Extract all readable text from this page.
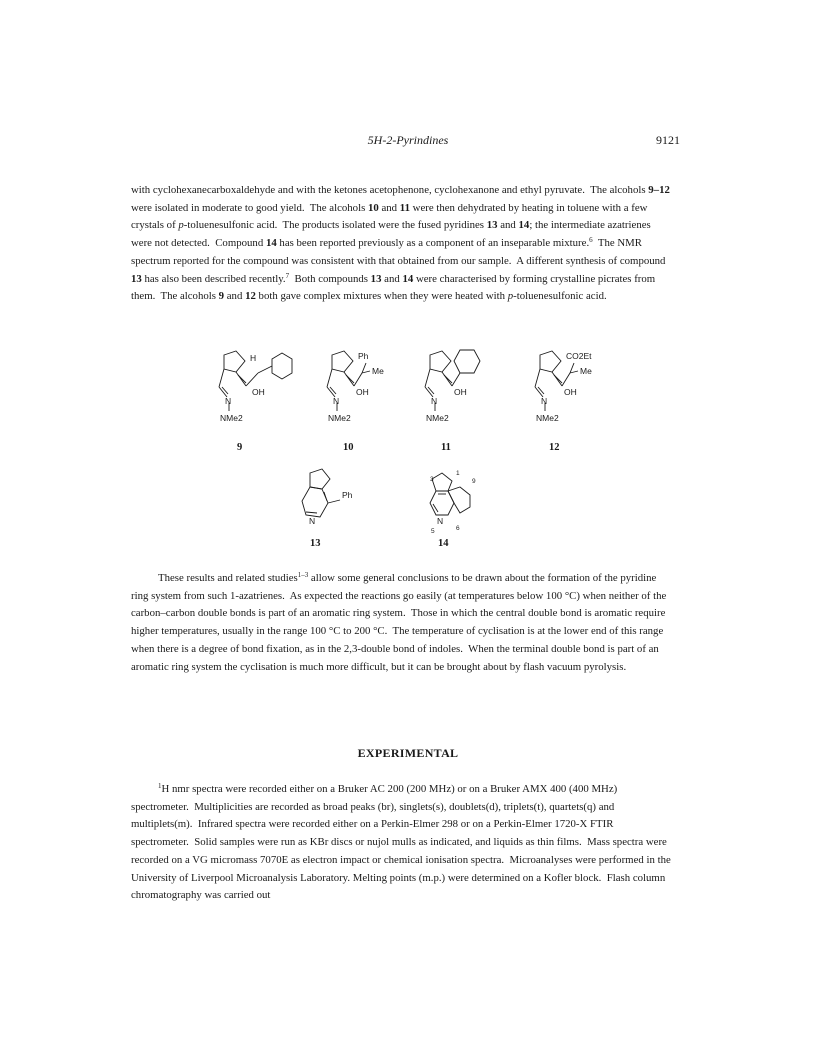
5H-2-Pyrindines	9121

with cyclohexanecarboxaldehyde and with the ketones acetophenone, cyclohexanone and ethyl pyruvate.  The alcohols 9–12 were isolated in moderate to good yield.  The alcohols 10 and 11 were then dehydrated by heating in toluene with a few crystals of p-toluenesulfonic acid.  The products isolated were the fused pyridines 13 and 14; the intermediate azatrienes were not detected.  Compound 14 has been reported previously as a component of an inseparable mixture.$^6$  The NMR spectrum reported for the compound was consistent with that obtained from our sample.  A different synthesis of compound 13 has also been described recently.$^7$  Both compounds 13 and 14 were characterised by forming crystalline picrates from them.  The alcohols 9 and 12 both gave complex mixtures when they were heated with p-toluenesulfonic acid.

H
OH
N
NMe2
9
Ph
Me
OH
N
NMe2
10
OH
N
NMe2
11
CO2Et
Me
OH
N
NMe2
12
Ph
N
13
3
1
9
N
5	6
14

These results and related studies$^{1-3}$ allow some general conclusions to be drawn about the formation of the pyridine ring system from such 1-azatrienes.  As expected the reactions go easily (at temperatures below 100 °C) when neither of the carbon–carbon double bonds is part of an aromatic ring system.  Those in which the central double bond is aromatic require higher temperatures, usually in the range 100 °C to 200 °C.  The temperature of cyclisation is at the lower end of this range when there is a degree of bond fixation, as in the 2,3-double bond of indoles.  When the terminal double bond is part of an aromatic ring system the cyclisation is much more difficult, but it can be brought about by flash vacuum pyrolysis.

EXPERIMENTAL

$^1$H nmr spectra were recorded either on a Bruker AC 200 (200 MHz) or on a Bruker AMX 400 (400 MHz) spectrometer.  Multiplicities are recorded as broad peaks (br), singlets(s), doublets(d), triplets(t), quartets(q) and multiplets(m).  Infrared spectra were recorded either on a Perkin-Elmer 298 or on a Perkin-Elmer 1720-X FTIR spectrometer.  Solid samples were run as KBr discs or nujol mulls as indicated, and liquids as thin films.  Mass spectra were recorded on a VG micromass 7070E as electron impact or chemical ionisation spectra.  Microanalyses were performed in the University of Liverpool Microanalysis Laboratory. Melting points (m.p.) were determined on a Kofler block.  Flash column chromatography was carried out
